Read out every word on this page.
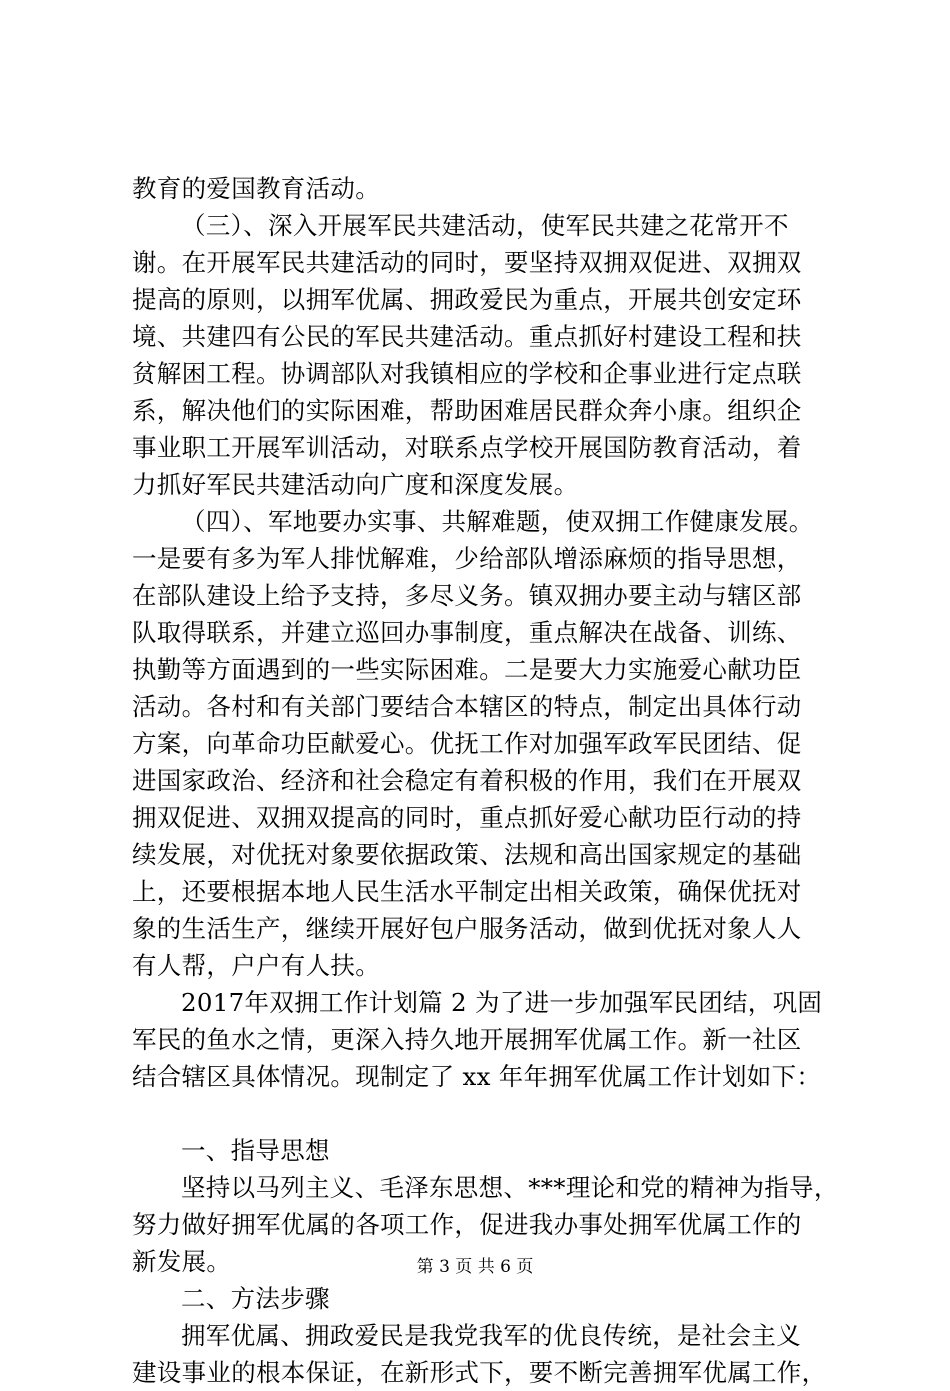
教育的爱国教育活动。
（三）、深入开展军民共建活动，使军民共建之花常开不
谢。在开展军民共建活动的同时，要坚持双拥双促进、双拥双
提高的原则，以拥军优属、拥政爱民为重点，开展共创安定环
境、共建四有公民的军民共建活动。重点抓好村建设工程和扶
贫解困工程。协调部队对我镇相应的学校和企事业进行定点联
系，解决他们的实际困难，帮助困难居民群众奔小康。组织企
事业职工开展军训活动，对联系点学校开展国防教育活动，着
力抓好军民共建活动向广度和深度发展。
（四）、军地要办实事、共解难题，使双拥工作健康发展。
一是要有多为军人排忧解难，少给部队增添麻烦的指导思想，
在部队建设上给予支持，多尽义务。镇双拥办要主动与辖区部
队取得联系，并建立巡回办事制度，重点解决在战备、训练、
执勤等方面遇到的一些实际困难。二是要大力实施爱心献功臣
活动。各村和有关部门要结合本辖区的特点，制定出具体行动
方案，向革命功臣献爱心。优抚工作对加强军政军民团结、促
进国家政治、经济和社会稳定有着积极的作用，我们在开展双
拥双促进、双拥双提高的同时，重点抓好爱心献功臣行动的持
续发展，对优抚对象要依据政策、法规和高出国家规定的基础
上，还要根据本地人民生活水平制定出相关政策，确保优抚对
象的生活生产，继续开展好包户服务活动，做到优抚对象人人
有人帮，户户有人扶。
2017年双拥工作计划篇 2 为了进一步加强军民团结，巩固
军民的鱼水之情，更深入持久地开展拥军优属工作。新一社区
结合辖区具体情况。现制定了 xx 年年拥军优属工作计划如下：
一、指导思想
坚持以马列主义、毛泽东思想、***理论和党的精神为指导，
努力做好拥军优属的各项工作，促进我办事处拥军优属工作的
新发展。
二、方法步骤
拥军优属、拥政爱民是我党我军的优良传统，是社会主义
建设事业的根本保证，在新形式下，要不断完善拥军优属工作，
第 3 页 共 6 页
